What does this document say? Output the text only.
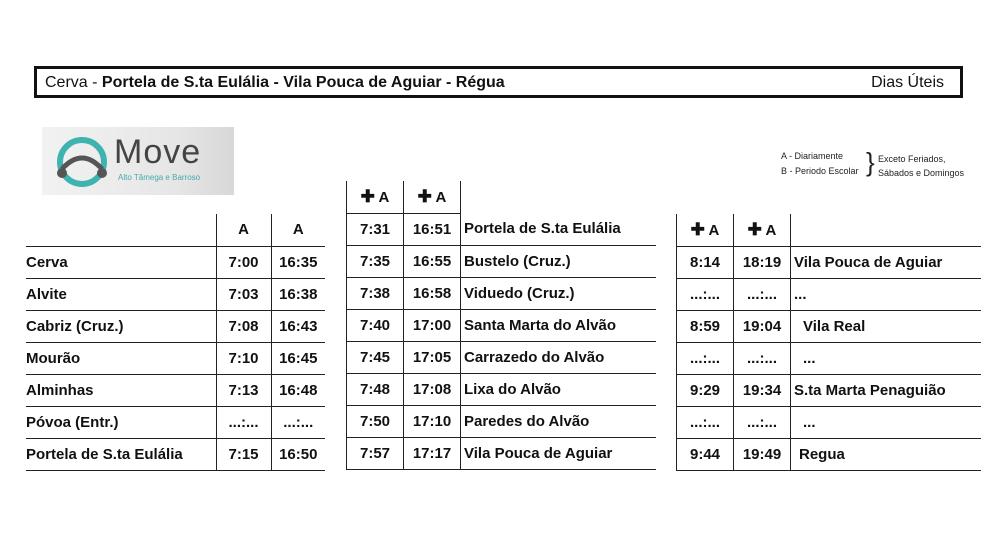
Cerva - Portela de S.ta Eulália - Vila Pouca de Aguiar - Régua	Dias Úteis
Move
Alto Tâmega e Barroso
A - Diariamente
B - Periodo Escolar } Exceto Feriados,
Sábados e Domingos
	A	A
Cerva	7:00	16:35
Alvite	7:03	16:38
Cabriz (Cruz.)	7:08	16:43
Mourão	7:10	16:45
Alminhas	7:13	16:48
Póvoa (Entr.)	...:...	...:...
Portela de S.ta Eulália	7:15	16:50
✚ A	✚ A	
7:31	16:51	Portela de S.ta Eulália
7:35	16:55	Bustelo (Cruz.)
7:38	16:58	Viduedo (Cruz.)
7:40	17:00	Santa Marta do Alvão
7:45	17:05	Carrazedo do Alvão
7:48	17:08	Lixa do Alvão
7:50	17:10	Paredes do Alvão
7:57	17:17	Vila Pouca de Aguiar
✚ A	✚ A	
8:14	18:19	Vila Pouca de Aguiar
...:...	...:...	...
8:59	19:04	Vila Real
...:...	...:...	...
9:29	19:34	S.ta Marta Penaguião
...:...	...:...	...
9:44	19:49	Regua
